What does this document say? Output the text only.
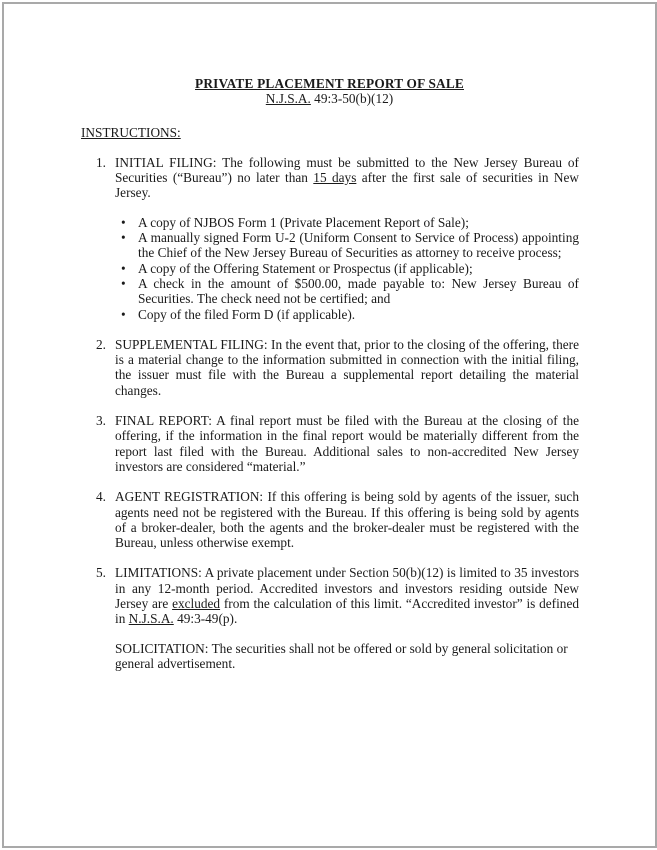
PRIVATE PLACEMENT REPORT OF SALE
N.J.S.A. 49:3-50(b)(12)
INSTRUCTIONS:
1. INITIAL FILING: The following must be submitted to the New Jersey Bureau of Securities (“Bureau”) no later than 15 days after the first sale of securities in New Jersey.
• A copy of NJBOS Form 1 (Private Placement Report of Sale);
• A manually signed Form U-2 (Uniform Consent to Service of Process) appointing the Chief of the New Jersey Bureau of Securities as attorney to receive process;
• A copy of the Offering Statement or Prospectus (if applicable);
• A check in the amount of $500.00, made payable to: New Jersey Bureau of Securities. The check need not be certified; and
• Copy of the filed Form D (if applicable).
2. SUPPLEMENTAL FILING: In the event that, prior to the closing of the offering, there is a material change to the information submitted in connection with the initial filing, the issuer must file with the Bureau a supplemental report detailing the material changes.
3. FINAL REPORT: A final report must be filed with the Bureau at the closing of the offering, if the information in the final report would be materially different from the report last filed with the Bureau. Additional sales to non-accredited New Jersey investors are considered “material.”
4. AGENT REGISTRATION: If this offering is being sold by agents of the issuer, such agents need not be registered with the Bureau. If this offering is being sold by agents of a broker-dealer, both the agents and the broker-dealer must be registered with the Bureau, unless otherwise exempt.
5. LIMITATIONS: A private placement under Section 50(b)(12) is limited to 35 investors in any 12-month period. Accredited investors and investors residing outside New Jersey are excluded from the calculation of this limit. “Accredited investor” is defined in N.J.S.A. 49:3-49(p).
SOLICITATION: The securities shall not be offered or sold by general solicitation or general advertisement.
